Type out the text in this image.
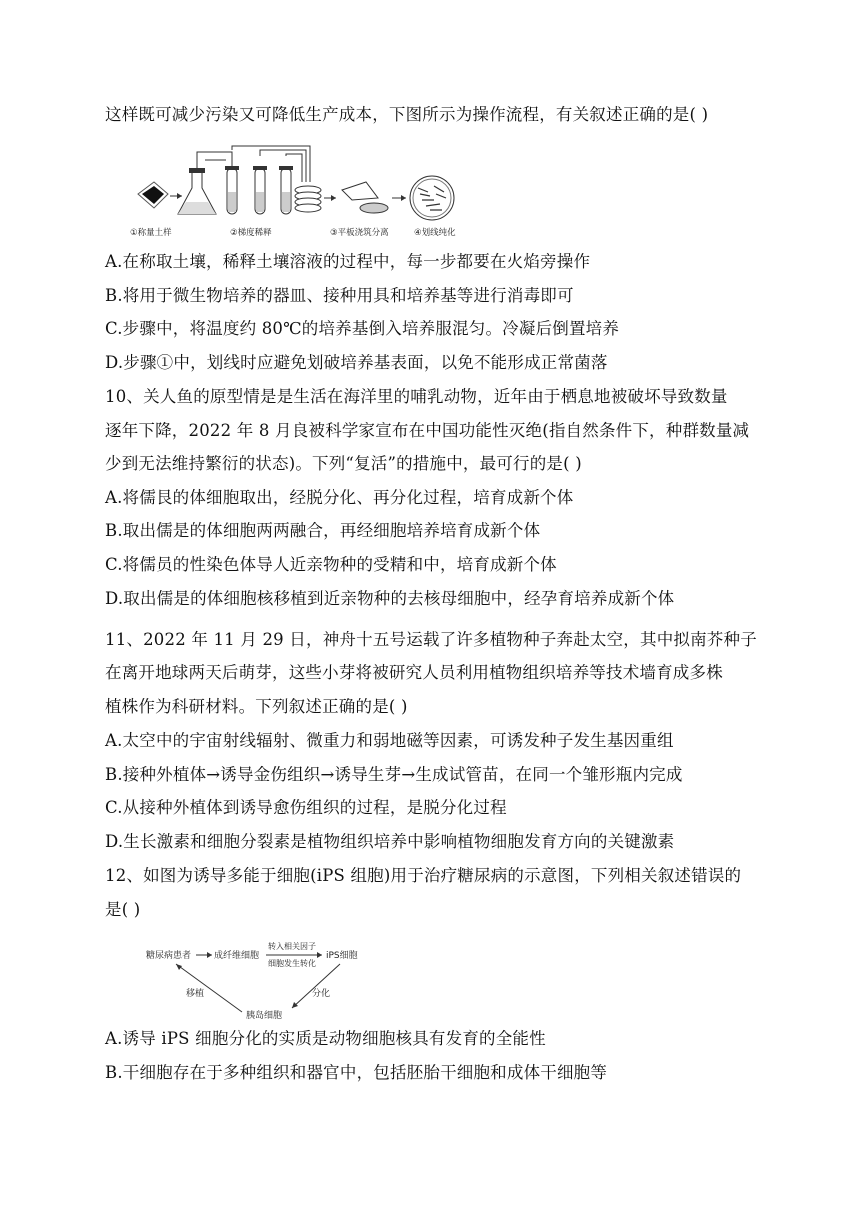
这样既可减少污染又可降低生产成本，下图所示为操作流程，有关叙述正确的是( )
①称量土样	②梯度稀释	③平板浇筑分离	④划线纯化
A.在称取土壤，稀释土壤溶液的过程中，每一步都要在火焰旁操作
B.将用于微生物培养的器皿、接种用具和培养基等进行消毒即可
C.步骤中，将温度约 80℃的培养基倒入培养服混匀。冷凝后倒置培养
D.步骤①中，划线时应避免划破培养基表面，以免不能形成正常菌落
10、关人鱼的原型情是是生活在海洋里的哺乳动物，近年由于栖息地被破坏导致数量
逐年下降，2022 年 8 月良被科学家宣布在中国功能性灭绝(指自然条件下，种群数量减
少到无法维持繁衍的状态)。下列“复活”的措施中，最可行的是( )
A.将儒艮的体细胞取出，经脱分化、再分化过程，培育成新个体
B.取出儒是的体细胞两两融合，再经细胞培养培育成新个体
C.将儒员的性染色体导人近亲物种的受精和中，培育成新个体
D.取出儒是的体细胞核移植到近亲物种的去核母细胞中，经孕育培养成新个体
11、2022 年 11 月 29 日，神舟十五号运载了许多植物种子奔赴太空，其中拟南芥种子
在离开地球两天后萌芽，这些小芽将被研究人员利用植物组织培养等技术墙育成多株
植株作为科研材料。下列叙述正确的是( )
A.太空中的宇宙射线辐射、微重力和弱地磁等因素，可诱发种子发生基因重组
B.接种外植体→诱导金伤组织→诱导生芽→生成试管苗，在同一个雏形瓶内完成
C.从接种外植体到诱导愈伤组织的过程，是脱分化过程
D.生长激素和细胞分裂素是植物组织培养中影响植物细胞发育方向的关键激素
12、如图为诱导多能于细胞(iPS 组胞)用于治疗糖尿病的示意图，下列相关叙述错误的
是( )
糖尿病患者	成纤维细胞
转入相关因子
细胞发生转化
iPS细胞
分化
胰岛细胞
移植
A.诱导 iPS 细胞分化的实质是动物细胞核具有发育的全能性
B.干细胞存在于多种组织和器官中，包括胚胎干细胞和成体干细胞等
